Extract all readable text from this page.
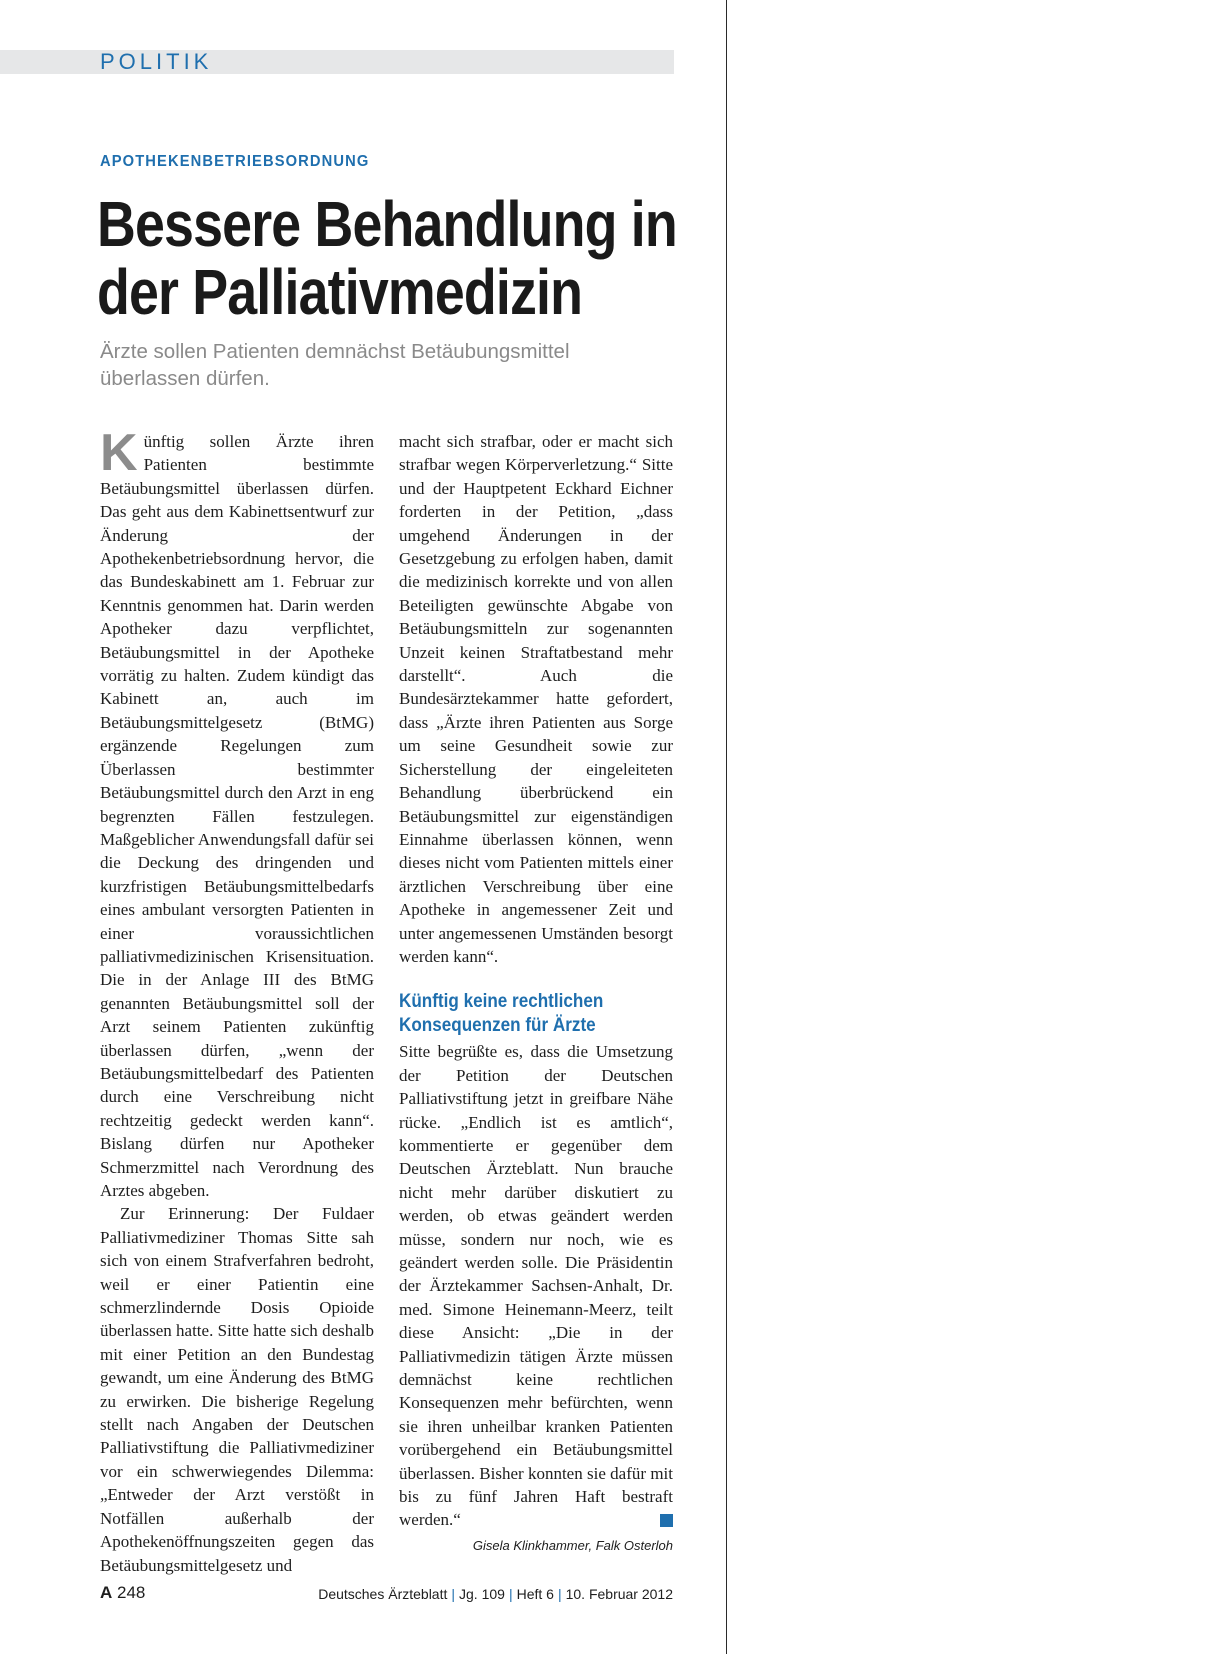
POLITIK
APOTHEKENBETRIEBSORDNUNG
Bessere Behandlung in
der Palliativmedizin
Ärzte sollen Patienten demnächst Betäubungsmittel überlassen dürfen.

Künftig sollen Ärzte ihren Patienten bestimmte Betäubungsmittel überlassen dürfen. Das geht aus dem Kabinettsentwurf zur Änderung der Apothekenbetriebsordnung hervor, die das Bundeskabinett am 1. Februar zur Kenntnis genommen hat. Darin werden Apotheker dazu verpflichtet, Betäubungsmittel in der Apotheke vorrätig zu halten. Zudem kündigt das Kabinett an, auch im Betäubungsmittelgesetz (BtMG) ergänzende Regelungen zum Überlassen bestimmter Betäubungsmittel durch den Arzt in eng begrenzten Fällen festzulegen. Maßgeblicher Anwendungsfall dafür sei die Deckung des dringenden und kurzfristigen Betäubungsmittelbedarfs eines ambulant versorgten Patienten in einer voraussichtlichen palliativmedizinischen Krisensituation. Die in der Anlage III des BtMG genannten Betäubungsmittel soll der Arzt seinem Patienten zukünftig überlassen dürfen, „wenn der Betäubungsmittelbedarf des Patienten durch eine Verschreibung nicht rechtzeitig gedeckt werden kann“. Bislang dürfen nur Apotheker Schmerzmittel nach Verordnung des Arztes abgeben.

Zur Erinnerung: Der Fuldaer Palliativmediziner Thomas Sitte sah sich von einem Strafverfahren bedroht, weil er einer Patientin eine schmerzlindernde Dosis Opioide überlassen hatte. Sitte hatte sich deshalb mit einer Petition an den Bundestag gewandt, um eine Änderung des BtMG zu erwirken. Die bisherige Regelung stellt nach Angaben der Deutschen Palliativstiftung die Palliativmediziner vor ein schwerwiegendes Dilemma: „Entweder der Arzt verstößt in Notfällen außerhalb der Apothekenöffnungszeiten gegen das Betäubungsmittelgesetz und

macht sich strafbar, oder er macht sich strafbar wegen Körperverletzung.“ Sitte und der Hauptpetent Eckhard Eichner forderten in der Petition, „dass umgehend Änderungen in der Gesetzgebung zu erfolgen haben, damit die medizinisch korrekte und von allen Beteiligten gewünschte Abgabe von Betäubungsmitteln zur sogenannten Unzeit keinen Straftatbestand mehr darstellt“. Auch die Bundesärztekammer hatte gefordert, dass „Ärzte ihren Patienten aus Sorge um seine Gesundheit sowie zur Sicherstellung der eingeleiteten Behandlung überbrückend ein Betäubungsmittel zur eigenständigen Einnahme überlassen können, wenn dieses nicht vom Patienten mittels einer ärztlichen Verschreibung über eine Apotheke in angemessener Zeit und unter angemessenen Umständen besorgt werden kann“.

Künftig keine rechtlichen
Konsequenzen für Ärzte

Sitte begrüßte es, dass die Umsetzung der Petition der Deutschen Palliativstiftung jetzt in greifbare Nähe rücke. „Endlich ist es amtlich“, kommentierte er gegenüber dem Deutschen Ärzteblatt. Nun brauche nicht mehr darüber diskutiert zu werden, ob etwas geändert werden müsse, sondern nur noch, wie es geändert werden solle. Die Präsidentin der Ärztekammer Sachsen-Anhalt, Dr. med. Simone Heinemann-Meerz, teilt diese Ansicht: „Die in der Palliativmedizin tätigen Ärzte müssen demnächst keine rechtlichen Konsequenzen mehr befürchten, wenn sie ihren unheilbar kranken Patienten vorübergehend ein Betäubungsmittel überlassen. Bisher konnten sie dafür mit bis zu fünf Jahren Haft bestraft werden.“

Gisela Klinkhammer, Falk Osterloh
A 248	Deutsches Ärzteblatt | Jg. 109 | Heft 6 | 10. Februar 2012
